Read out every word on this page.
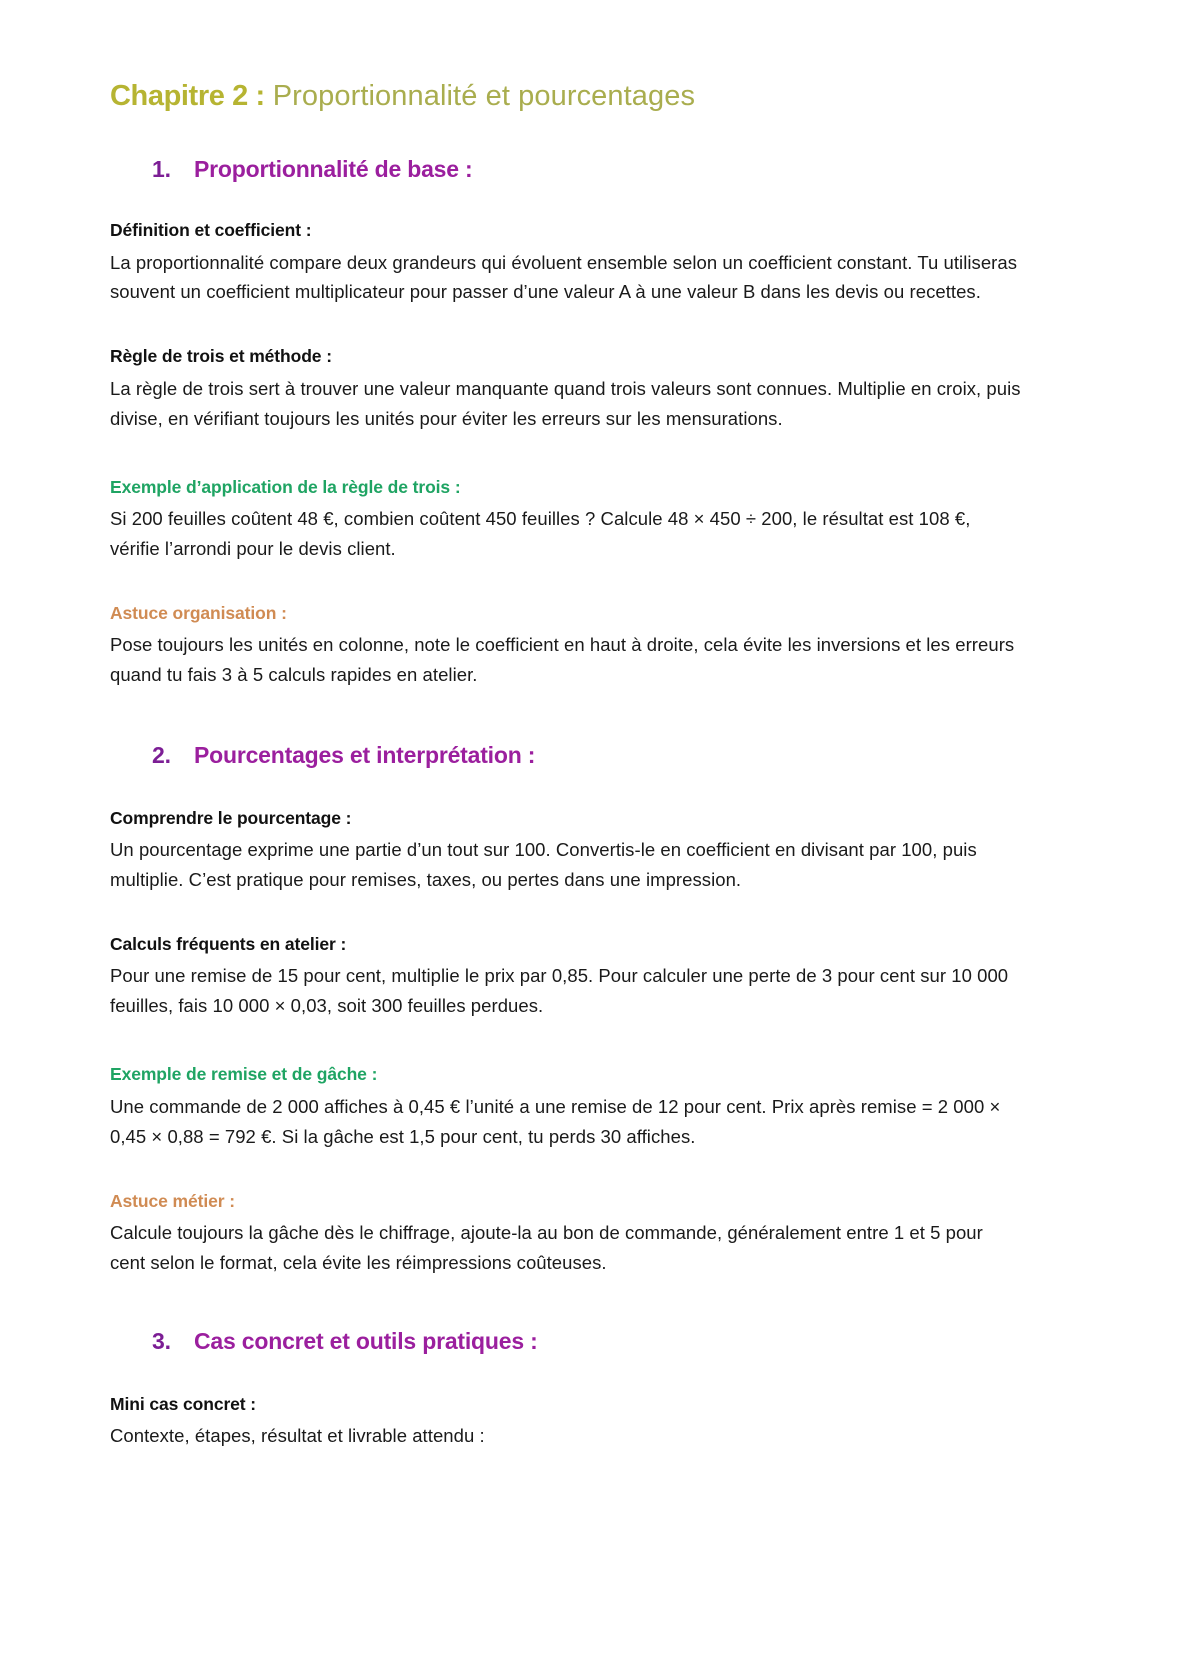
Chapitre 2 : Proportionnalité et pourcentages
1.	Proportionnalité de base :
Définition et coefficient :

La proportionnalité compare deux grandeurs qui évoluent ensemble selon un coefficient constant. Tu utiliseras souvent un coefficient multiplicateur pour passer d’une valeur A à une valeur B dans les devis ou recettes.

Règle de trois et méthode :

La règle de trois sert à trouver une valeur manquante quand trois valeurs sont connues. Multiplie en croix, puis divise, en vérifiant toujours les unités pour éviter les erreurs sur les mensurations.

Exemple d’application de la règle de trois :

Si 200 feuilles coûtent 48 €, combien coûtent 450 feuilles ? Calcule 48 × 450 ÷ 200, le résultat est 108 €, vérifie l’arrondi pour le devis client.

Astuce organisation :

Pose toujours les unités en colonne, note le coefficient en haut à droite, cela évite les inversions et les erreurs quand tu fais 3 à 5 calculs rapides en atelier.

2.	Pourcentages et interprétation :
Comprendre le pourcentage :

Un pourcentage exprime une partie d’un tout sur 100. Convertis-le en coefficient en divisant par 100, puis multiplie. C’est pratique pour remises, taxes, ou pertes dans une impression.

Calculs fréquents en atelier :

Pour une remise de 15 pour cent, multiplie le prix par 0,85. Pour calculer une perte de 3 pour cent sur 10 000 feuilles, fais 10 000 × 0,03, soit 300 feuilles perdues.

Exemple de remise et de gâche :

Une commande de 2 000 affiches à 0,45 € l’unité a une remise de 12 pour cent. Prix après remise = 2 000 × 0,45 × 0,88 = 792 €. Si la gâche est 1,5 pour cent, tu perds 30 affiches.

Astuce métier :

Calcule toujours la gâche dès le chiffrage, ajoute-la au bon de commande, généralement entre 1 et 5 pour cent selon le format, cela évite les réimpressions coûteuses.

3.	Cas concret et outils pratiques :
Mini cas concret :

Contexte, étapes, résultat et livrable attendu :
